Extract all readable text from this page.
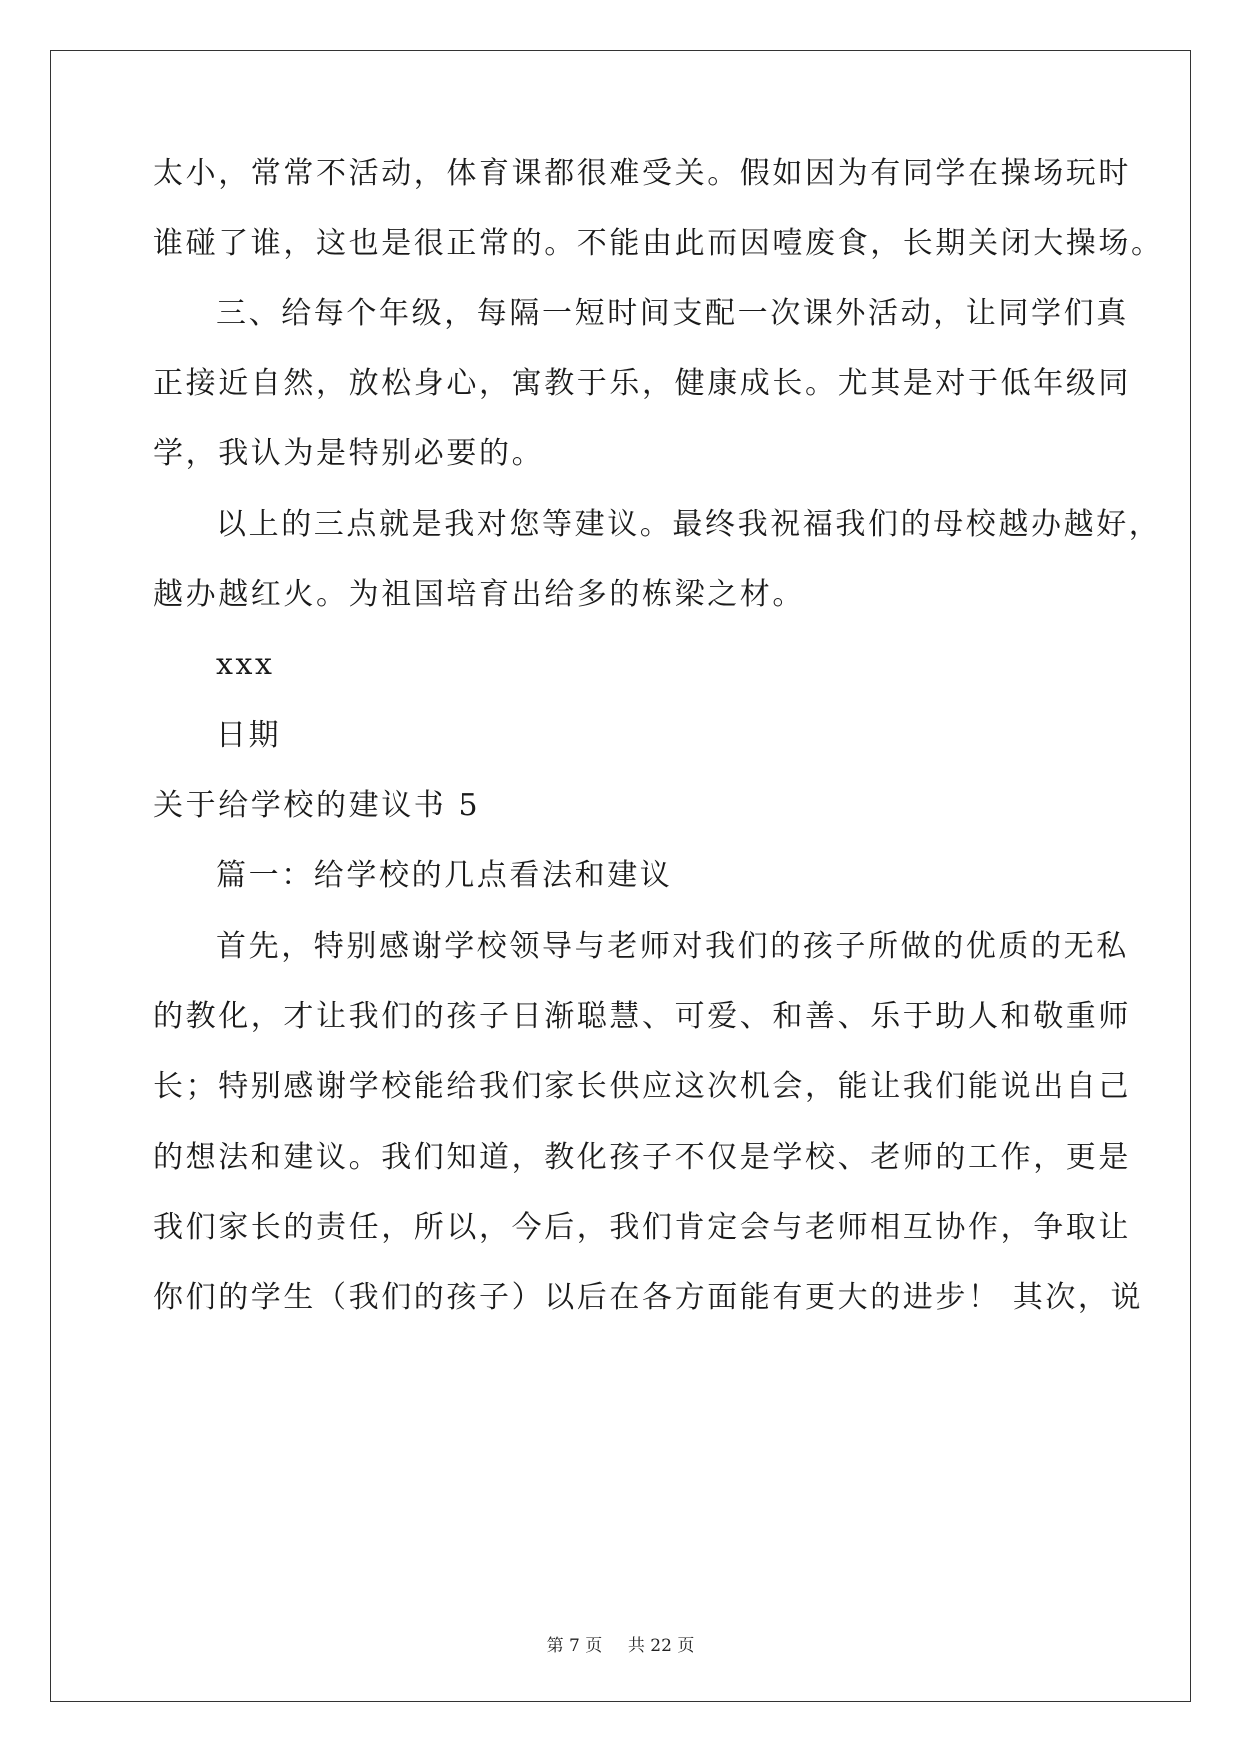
太小，常常不活动，体育课都很难受关。假如因为有同学在操场玩时
谁碰了谁，这也是很正常的。不能由此而因噎废食，长期关闭大操场。
三、给每个年级，每隔一短时间支配一次课外活动，让同学们真
正接近自然，放松身心，寓教于乐，健康成长。尤其是对于低年级同
学，我认为是特别必要的。
以上的三点就是我对您等建议。最终我祝福我们的母校越办越好，
越办越红火。为祖国培育出给多的栋梁之材。
xxx
日期
关于给学校的建议书 5
篇一：给学校的几点看法和建议
首先，特别感谢学校领导与老师对我们的孩子所做的优质的无私
的教化，才让我们的孩子日渐聪慧、可爱、和善、乐于助人和敬重师
长；特别感谢学校能给我们家长供应这次机会，能让我们能说出自己
的想法和建议。我们知道，教化孩子不仅是学校、老师的工作，更是
我们家长的责任，所以，今后，我们肯定会与老师相互协作，争取让
你们的学生（我们的孩子）以后在各方面能有更大的进步！ 其次，说
第 7 页 共 22 页
